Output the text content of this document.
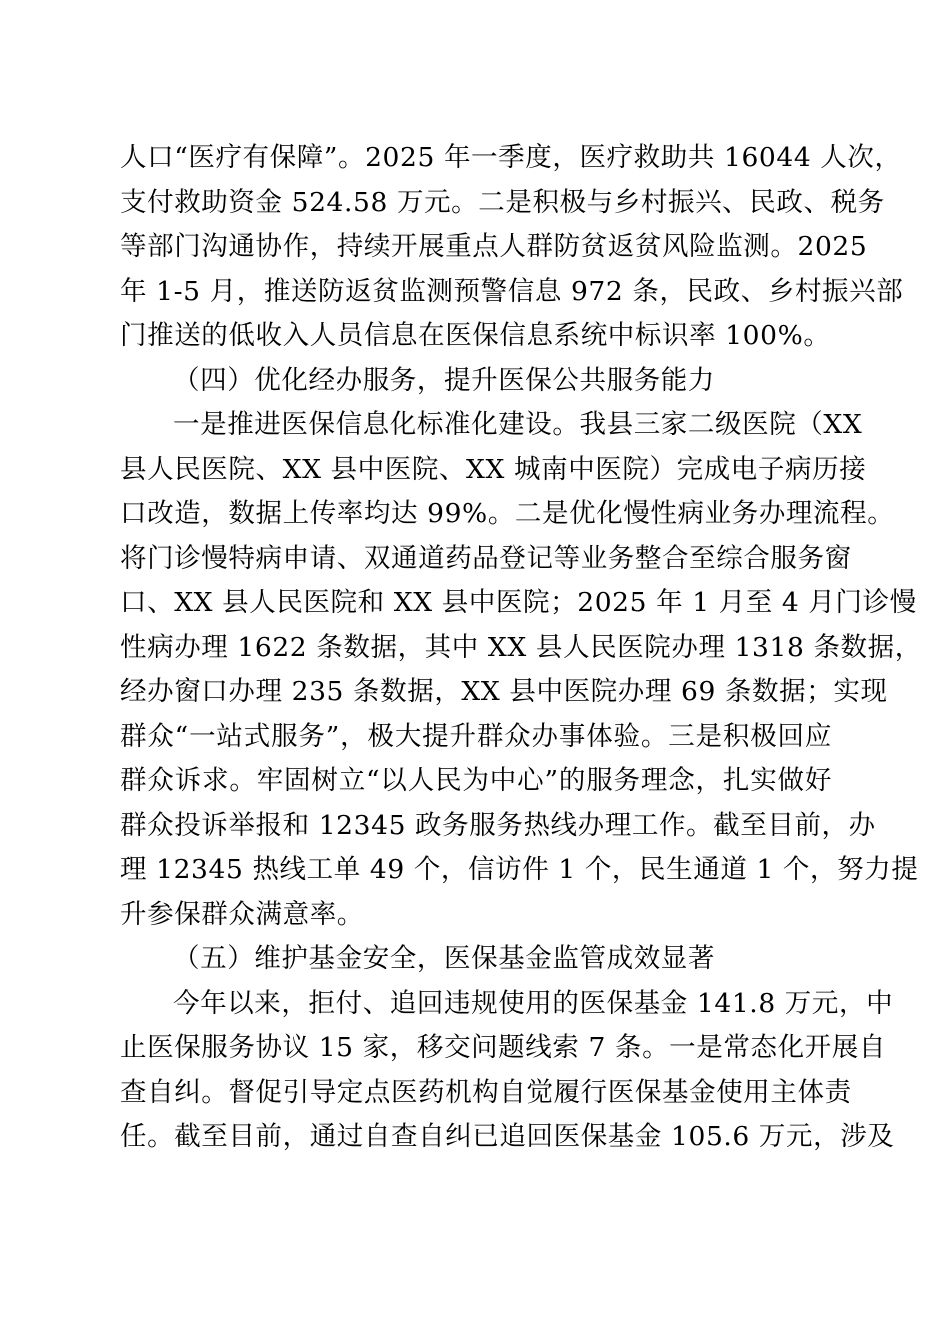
人口“医疗有保障”。2025 年一季度，医疗救助共 16044 人次，
支付救助资金 524.58 万元。二是积极与乡村振兴、民政、税务
等部门沟通协作，持续开展重点人群防贫返贫风险监测。2025
年 1-5 月，推送防返贫监测预警信息 972 条，民政、乡村振兴部
门推送的低收入人员信息在医保信息系统中标识率 100%。
（四）优化经办服务，提升医保公共服务能力
一是推进医保信息化标准化建设。我县三家二级医院（XX
县人民医院、XX 县中医院、XX 城南中医院）完成电子病历接
口改造，数据上传率均达 99%。二是优化慢性病业务办理流程。
将门诊慢特病申请、双通道药品登记等业务整合至综合服务窗
口、XX 县人民医院和 XX 县中医院；2025 年 1 月至 4 月门诊慢
性病办理 1622 条数据，其中 XX 县人民医院办理 1318 条数据，
经办窗口办理 235 条数据，XX 县中医院办理 69 条数据；实现
群众“一站式服务”，极大提升群众办事体验。三是积极回应
群众诉求。牢固树立“以人民为中心”的服务理念，扎实做好
群众投诉举报和 12345 政务服务热线办理工作。截至目前，办
理 12345 热线工单 49 个，信访件 1 个，民生通道 1 个，努力提
升参保群众满意率。
（五）维护基金安全，医保基金监管成效显著
今年以来，拒付、追回违规使用的医保基金 141.8 万元，中
止医保服务协议 15 家，移交问题线索 7 条。一是常态化开展自
查自纠。督促引导定点医药机构自觉履行医保基金使用主体责
任。截至目前，通过自查自纠已追回医保基金 105.6 万元，涉及
